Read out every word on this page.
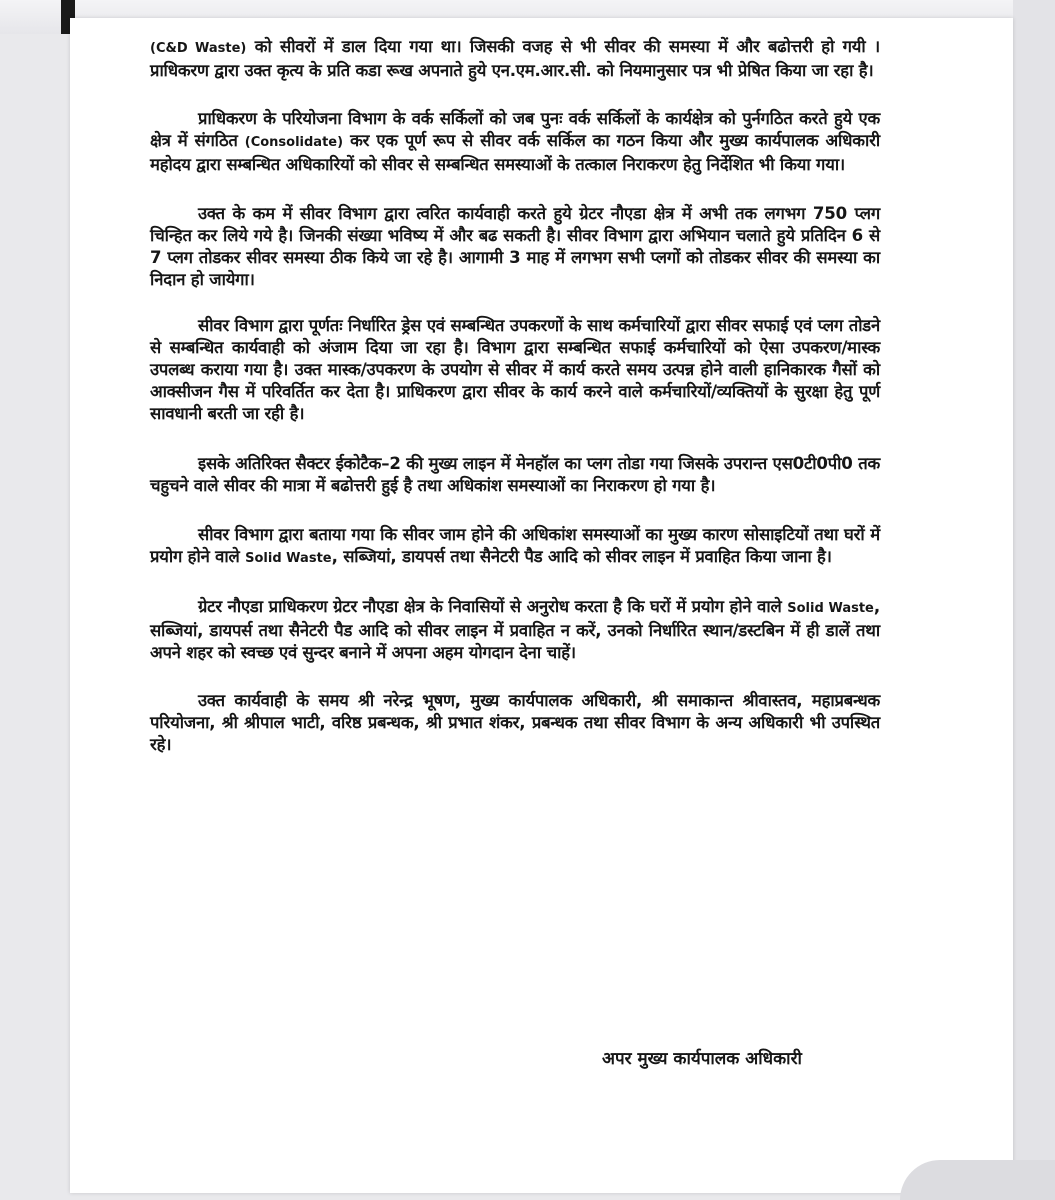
(C&D Waste) को सीवरों में डाल दिया गया था। जिसकी वजह से भी सीवर की समस्या में और बढोत्तरी हो गयी । प्राधिकरण द्वारा उक्त कृत्य के प्रति कडा रूख अपनाते हुये एन.एम.आर.सी. को नियमानुसार पत्र भी प्रेषित किया जा रहा है।

प्राधिकरण के परियोजना विभाग के वर्क सर्किलों को जब पुनः वर्क सर्किलों के कार्यक्षेत्र को पुर्नगठित करते हुये एक क्षेत्र में संगठित (Consolidate) कर एक पूर्ण रूप से सीवर वर्क सर्किल का गठन किया और मुख्य कार्यपालक अधिकारी महोदय द्वारा सम्बन्धित अधिकारियों को सीवर से सम्बन्धित समस्याओं के तत्काल निराकरण हेतु निर्देशित भी किया गया।

उक्त के कम में सीवर विभाग द्वारा त्वरित कार्यवाही करते हुये ग्रेटर नौएडा क्षेत्र में अभी तक लगभग 750 प्लग चिन्हित कर लिये गये है। जिनकी संख्या भविष्य में और बढ सकती है। सीवर विभाग द्वारा अभियान चलाते हुये प्रतिदिन 6 से 7 प्लग तोडकर सीवर समस्या ठीक किये जा रहे है। आगामी 3 माह में लगभग सभी प्लगों को तोडकर सीवर की समस्या का निदान हो जायेगा।

सीवर विभाग द्वारा पूर्णतः निर्धारित ड्रेस एवं सम्बन्धित उपकरणों के साथ कर्मचारियों द्वारा सीवर सफाई एवं प्लग तोडने से सम्बन्धित कार्यवाही को अंजाम दिया जा रहा है। विभाग द्वारा सम्बन्धित सफाई कर्मचारियों को ऐसा उपकरण/मास्क उपलब्ध कराया गया है। उक्त मास्क/उपकरण के उपयोग से सीवर में कार्य करते समय उत्पन्न होने वाली हानिकारक गैसों को आक्सीजन गैस में परिवर्तित कर देता है। प्राधिकरण द्वारा सीवर के कार्य करने वाले कर्मचारियों/व्यक्तियों के सुरक्षा हेतु पूर्ण सावधानी बरती जा रही है।

इसके अतिरिक्त सैक्टर ईकोटैक–2 की मुख्य लाइन में मेनहॉल का प्लग तोडा गया जिसके उपरान्त एस0टी0पी0 तक चहुचने वाले सीवर की मात्रा में बढोत्तरी हुई है तथा अधिकांश समस्याओं का निराकरण हो गया है।

सीवर विभाग द्वारा बताया गया कि सीवर जाम होने की अधिकांश समस्याओं का मुख्य कारण सोसाइटियों तथा घरों में प्रयोग होने वाले Solid Waste, सब्जियां, डायपर्स तथा सैनेटरी पैड आदि को सीवर लाइन में प्रवाहित किया जाना है।

ग्रेटर नौएडा प्राधिकरण ग्रेटर नौएडा क्षेत्र के निवासियों से अनुरोध करता है कि घरों में प्रयोग होने वाले Solid Waste, सब्जियां, डायपर्स तथा सैनेटरी पैड आदि को सीवर लाइन में प्रवाहित न करें, उनको निर्धारित स्थान/डस्टबिन में ही डालें तथा अपने शहर को स्वच्छ एवं सुन्दर बनाने में अपना अहम योगदान देना चाहें।

उक्त कार्यवाही के समय श्री नरेन्द्र भूषण, मुख्य कार्यपालक अधिकारी, श्री समाकान्त श्रीवास्तव, महाप्रबन्धक परियोजना, श्री श्रीपाल भाटी, वरिष्ठ प्रबन्धक, श्री प्रभात शंकर, प्रबन्धक तथा सीवर विभाग के अन्य अधिकारी भी उपस्थित रहे।

अपर मुख्य कार्यपालक अधिकारी
